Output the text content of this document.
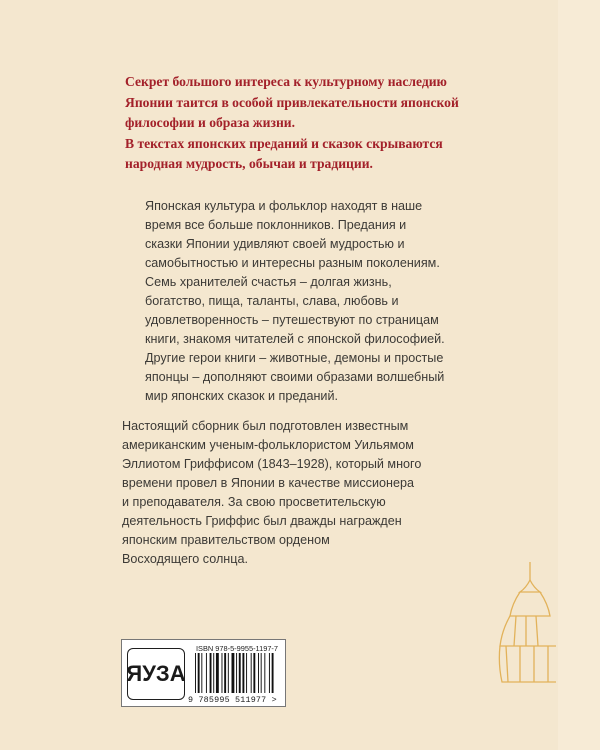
Секрет большого интереса к культурному наследию
Японии таится в особой привлекательности японской
философии и образа жизни.

В текстах японских преданий и сказок скрываются
народная мудрость, обычаи и традиции.

Японская культура и фольклор находят в наше
время все больше поклонников. Предания и
сказки Японии удивляют своей мудростью и
самобытностью и интересны разным поколениям.
Семь хранителей счастья – долгая жизнь,
богатство, пища, таланты, слава, любовь и
удовлетворенность – путешествуют по страницам
книги, знакомя читателей с японской философией.
Другие герои книги – животные, демоны и простые
японцы – дополняют своими образами волшебный
мир японских сказок и преданий.
Настоящий сборник был подготовлен известным
американским ученым-фольклористом Уильямом
Эллиотом Гриффисом (1843–1928), который много
времени провел в Японии в качестве миссионера
и преподавателя. За свою просветительскую
деятельность Гриффис был дважды награжден
японским правительством орденом
Восходящего солнца.
ЯУЗА
ISBN 978-5-9955-1197-7
9 785995 511977 >
